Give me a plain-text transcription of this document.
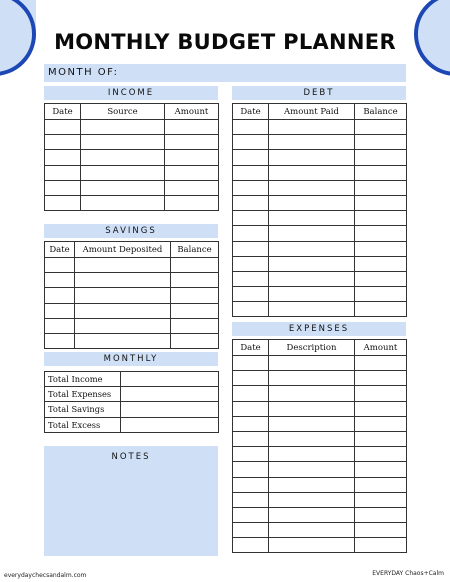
MONTHLY BUDGET PLANNER
MONTH OF:
INCOME
Date	Source	Amount

DEBT
Date	Amount Paid	Balance

SAVINGS
Date	Amount Deposited	Balance

MONTHLY
Total Income	
Total Expenses	
Total Savings	
Total Excess	
NOTES
EXPENSES
Date	Description	Amount

everydaychecsandalm.com	EVERYDAY Chaos+Calm
